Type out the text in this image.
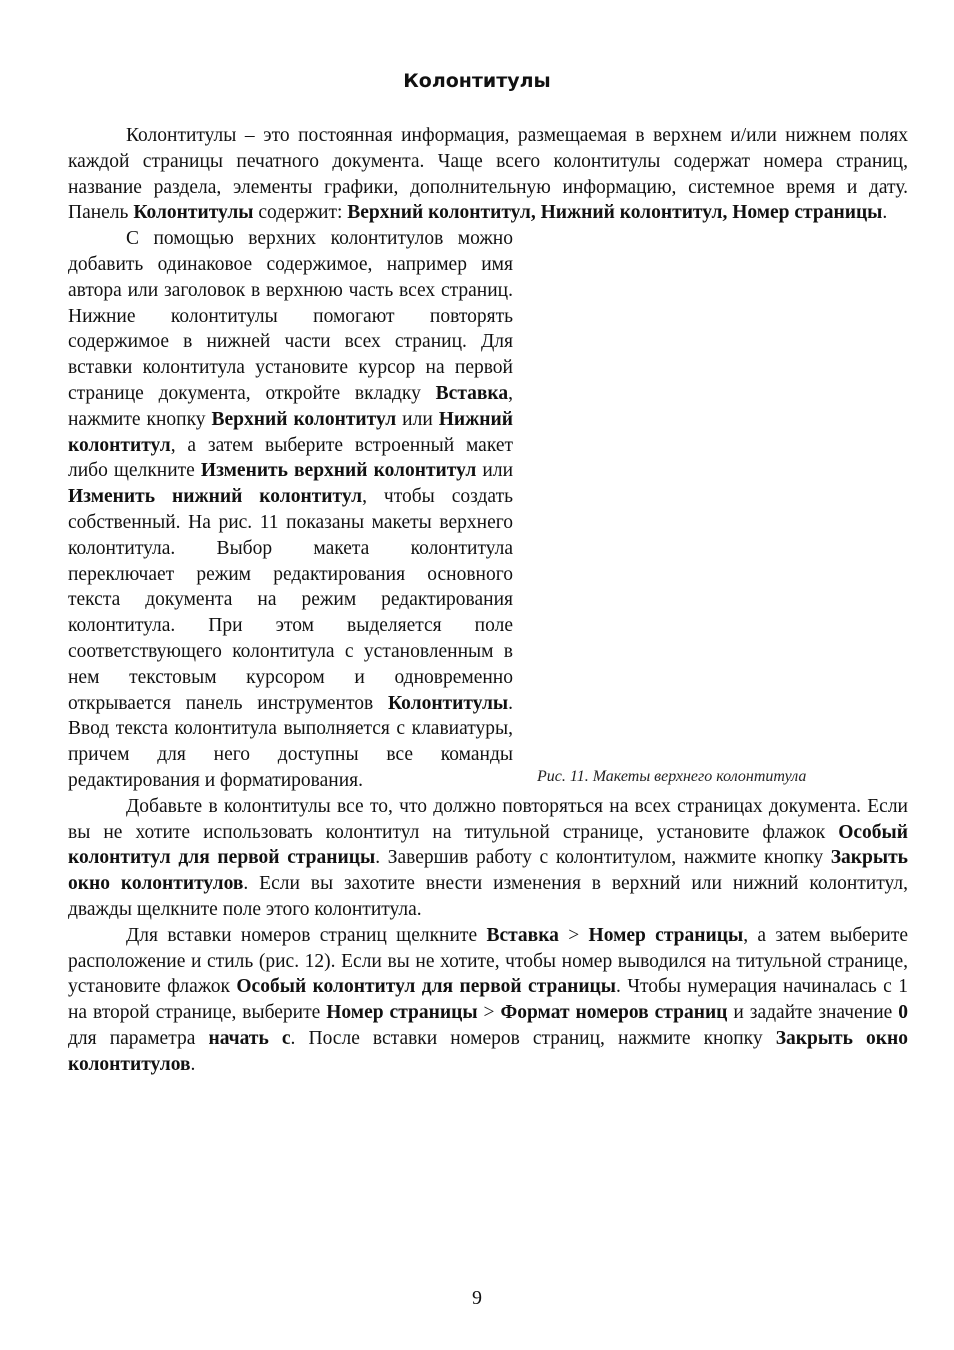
Колонтитулы

Колонтитулы – это постоянная информация, размещаемая в верхнем и/или нижнем полях каждой страницы печатного документа. Чаще всего колонтитулы содержат номера страниц, название раздела, элементы графики, дополнительную информацию, системное время и дату. Панель Колонтитулы содержит: Верхний колонтитул, Нижний колонтитул, Номер страницы.

Рис. 11. Макеты верхнего колонтитула

С помощью верхних колонтитулов можно добавить одинаковое содержимое, например имя автора или заголовок в верхнюю часть всех страниц. Нижние колонтитулы помогают повторять содержимое в нижней части всех страниц. Для вставки колонтитула установите курсор на первой странице документа, откройте вкладку Вставка, нажмите кнопку Верхний колонтитул или Нижний колонтитул, а затем выберите встроенный макет либо щелкните Изменить верхний колонтитул или Изменить нижний колонтитул, чтобы создать собственный. На рис. 11 показаны макеты верхнего колонтитула. Выбор макета колонтитула переключает режим редактирования основного текста документа на режим редактирования колонтитула. При этом выделяется поле соответствующего колонтитула с установленным в нем текстовым курсором и одновременно открывается панель инструментов Колонтитулы. Ввод текста колонтитула выполняется с клавиатуры, причем для него доступны все команды редактирования и форматирования.

Добавьте в колонтитулы все то, что должно повторяться на всех страницах документа. Если вы не хотите использовать колонтитул на титульной странице, установите флажок Особый колонтитул для первой страницы. Завершив работу с колонтитулом, нажмите кнопку Закрыть окно колонтитулов. Если вы захотите внести изменения в верхний или нижний колонтитул, дважды щелкните поле этого колонтитула.

Для вставки номеров страниц щелкните Вставка > Номер страницы, а затем выберите расположение и стиль (рис. 12). Если вы не хотите, чтобы номер выводился на титульной странице, установите флажок Особый колонтитул для первой страницы. Чтобы нумерация начиналась с 1 на второй странице, выберите Номер страницы > Формат номеров страниц и задайте значение 0 для параметра начать с. После вставки номеров страниц, нажмите кнопку Закрыть окно колонтитулов.

9
